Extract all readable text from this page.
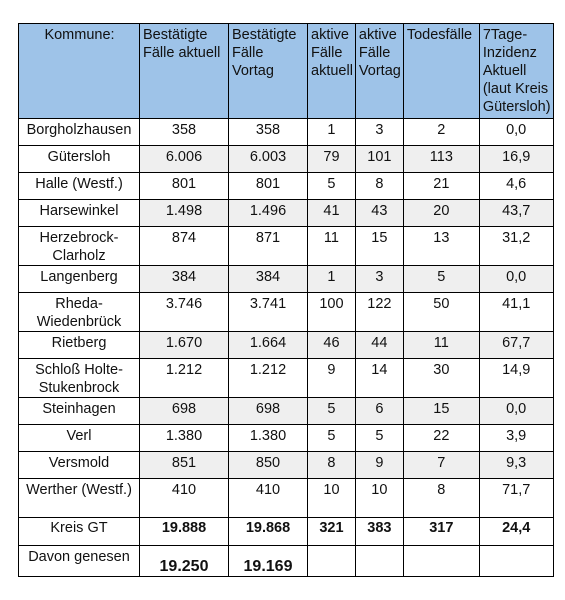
Kommune:	Bestätigte Fälle aktuell	Bestätigte Fälle Vortag	aktive Fälle aktuell	aktive Fälle Vortag	Todesfälle	7Tage-Inzidenz Aktuell (laut Kreis Gütersloh)
Borgholzhausen	358	358	1	3	2	0,0
Gütersloh	6.006	6.003	79	101	113	16,9
Halle (Westf.)	801	801	5	8	21	4,6
Harsewinkel	1.498	1.496	41	43	20	43,7
Herzebrock-Clarholz	874	871	11	15	13	31,2
Langenberg	384	384	1	3	5	0,0
Rheda-Wiedenbrück	3.746	3.741	100	122	50	41,1
Rietberg	1.670	1.664	46	44	11	67,7
Schloß Holte-Stukenbrock	1.212	1.212	9	14	30	14,9
Steinhagen	698	698	5	6	15	0,0
Verl	1.380	1.380	5	5	22	3,9
Versmold	851	850	8	9	7	9,3
Werther (Westf.)	410	410	10	10	8	71,7
Kreis GT	19.888	19.868	321	383	317	24,4
Davon genesen	19.250	19.169				
